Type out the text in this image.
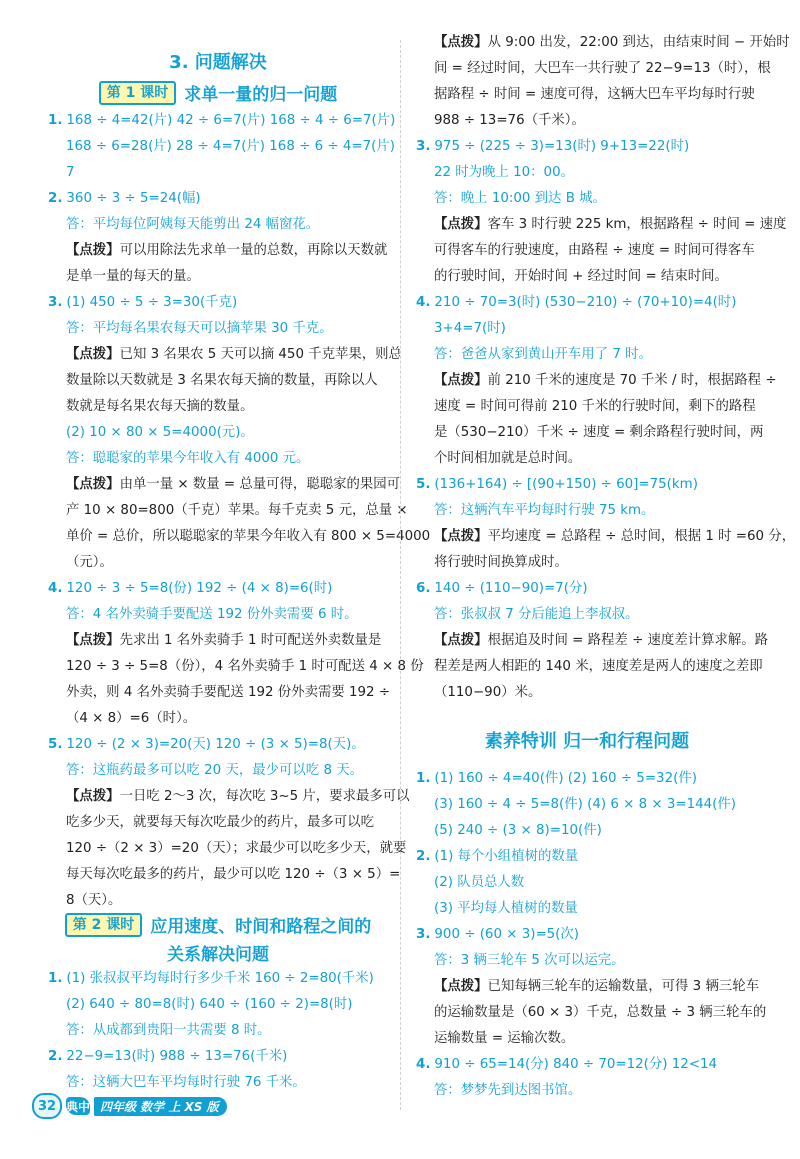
3. 问题解决
第 1 课时 求单一量的归一问题
第 2 课时 应用速度、时间和路程之间的
关系解决问题
1. 168 ÷ 4=42(片) 42 ÷ 6=7(片) 168 ÷ 4 ÷ 6=7(片)
168 ÷ 6=28(片) 28 ÷ 4=7(片) 168 ÷ 6 ÷ 4=7(片)
7
2. 360 ÷ 3 ÷ 5=24(幅)
答：平均每位阿姨每天能剪出 24 幅窗花。
【点拨】可以用除法先求单一量的总数，再除以天数就
是单一量的每天的量。
3. (1) 450 ÷ 5 ÷ 3=30(千克)
答：平均每名果农每天可以摘苹果 30 千克。
【点拨】已知 3 名果农 5 天可以摘 450 千克苹果，则总
数量除以天数就是 3 名果农每天摘的数量，再除以人
数就是每名果农每天摘的数量。
(2) 10 × 80 × 5=4000(元)。
答：聪聪家的苹果今年收入有 4000 元。
【点拨】由单一量 × 数量 = 总量可得，聪聪家的果园可
产 10 × 80=800（千克）苹果。每千克卖 5 元，总量 ×
单价 = 总价，所以聪聪家的苹果今年收入有 800 × 5=4000
（元）。
4. 120 ÷ 3 ÷ 5=8(份) 192 ÷ (4 × 8)=6(时)
答：4 名外卖骑手要配送 192 份外卖需要 6 时。
【点拨】先求出 1 名外卖骑手 1 时可配送外卖数量是
120 ÷ 3 ÷ 5=8（份），4 名外卖骑手 1 时可配送 4 × 8 份
外卖，则 4 名外卖骑手要配送 192 份外卖需要 192 ÷
（4 × 8）=6（时）。
5. 120 ÷ (2 × 3)=20(天) 120 ÷ (3 × 5)=8(天)。
答：这瓶药最多可以吃 20 天，最少可以吃 8 天。
【点拨】一日吃 2～3 次，每次吃 3~5 片，要求最多可以
吃多少天，就要每天每次吃最少的药片，最多可以吃
120 ÷（2 × 3）=20（天）；求最少可以吃多少天，就要
每天每次吃最多的药片，最少可以吃 120 ÷（3 × 5）=
8（天）。
1. (1) 张叔叔平均每时行多少千米 160 ÷ 2=80(千米)
(2) 640 ÷ 80=8(时) 640 ÷ (160 ÷ 2)=8(时)
答：从成都到贵阳一共需要 8 时。
2. 22−9=13(时) 988 ÷ 13=76(千米)
答：这辆大巴车平均每时行驶 76 千米。
素养特训 归一和行程问题
【点拨】从 9:00 出发，22:00 到达，由结束时间 − 开始时
间 = 经过时间，大巴车一共行驶了 22−9=13（时），根
据路程 ÷ 时间 = 速度可得，这辆大巴车平均每时行驶
988 ÷ 13=76（千米）。
3. 975 ÷ (225 ÷ 3)=13(时) 9+13=22(时)
22 时为晚上 10：00。
答：晚上 10:00 到达 B 城。
【点拨】客车 3 时行驶 225 km，根据路程 ÷ 时间 = 速度
可得客车的行驶速度，由路程 ÷ 速度 = 时间可得客车
的行驶时间，开始时间 + 经过时间 = 结束时间。
4. 210 ÷ 70=3(时) (530−210) ÷ (70+10)=4(时)
3+4=7(时)
答：爸爸从家到黄山开车用了 7 时。
【点拨】前 210 千米的速度是 70 千米 / 时，根据路程 ÷
速度 = 时间可得前 210 千米的行驶时间，剩下的路程
是（530−210）千米 ÷ 速度 = 剩余路程行驶时间，两
个时间相加就是总时间。
5. (136+164) ÷ [(90+150) ÷ 60]=75(km)
答：这辆汽车平均每时行驶 75 km。
【点拨】平均速度 = 总路程 ÷ 总时间，根据 1 时 =60 分，
将行驶时间换算成时。
6. 140 ÷ (110−90)=7(分)
答：张叔叔 7 分后能追上李叔叔。
【点拨】根据追及时间 = 路程差 ÷ 速度差计算求解。路
程差是两人相距的 140 米，速度差是两人的速度之差即
（110−90）米。
1. (1) 160 ÷ 4=40(件) (2) 160 ÷ 5=32(件)
(3) 160 ÷ 4 ÷ 5=8(件) (4) 6 × 8 × 3=144(件)
(5) 240 ÷ (3 × 8)=10(件)
2. (1) 每个小组植树的数量
(2) 队员总人数
(3) 平均每人植树的数量
3. 900 ÷ (60 × 3)=5(次)
答：3 辆三轮车 5 次可以运完。
【点拨】已知每辆三轮车的运输数量，可得 3 辆三轮车
的运输数量是（60 × 3）千克，总数量 ÷ 3 辆三轮车的
运输数量 = 运输次数。
4. 910 ÷ 65=14(分) 840 ÷ 70=12(分) 12<14
答：梦梦先到达图书馆。
32 典中 四年级 数学 上 XS 版
